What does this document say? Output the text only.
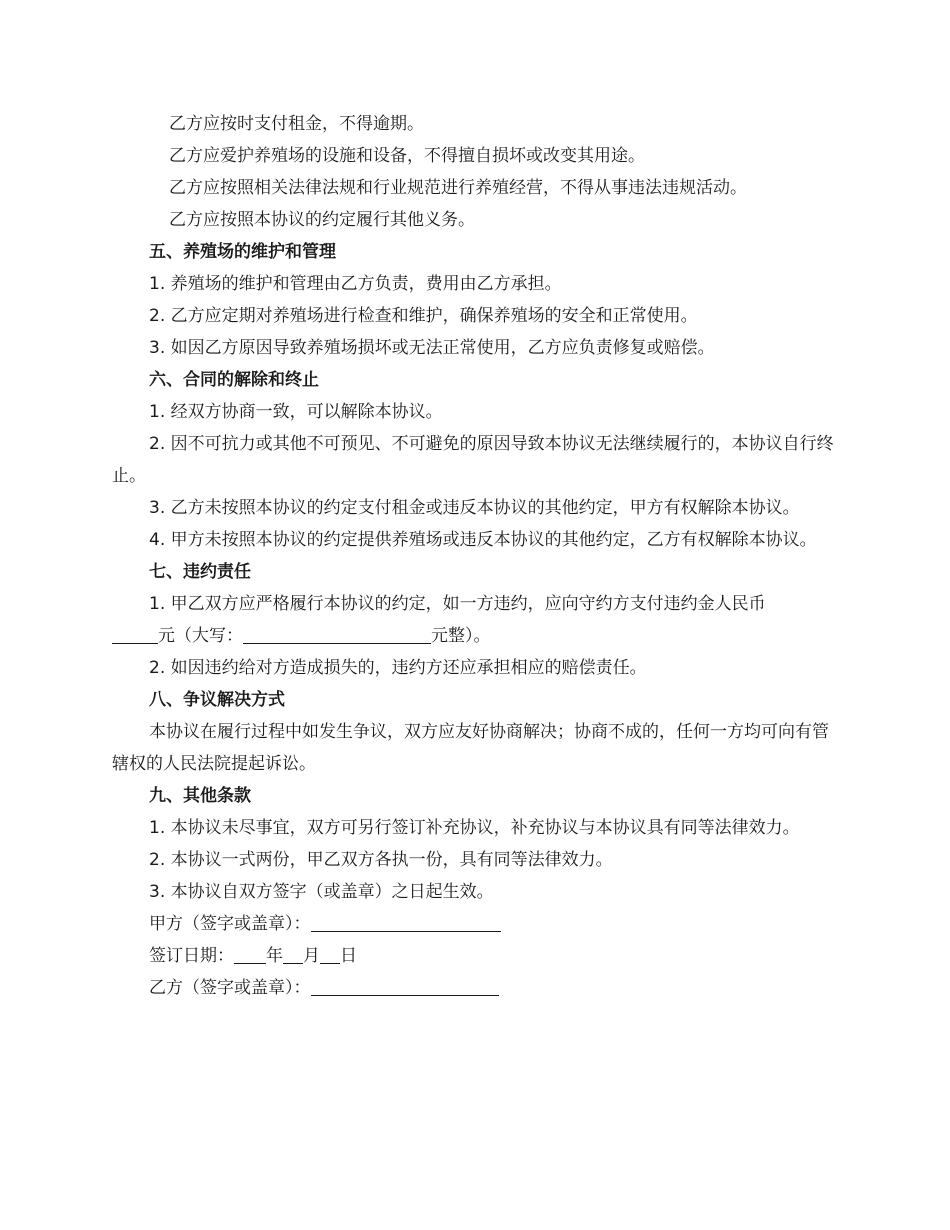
乙方应按时支付租金，不得逾期。

乙方应爱护养殖场的设施和设备，不得擅自损坏或改变其用途。

乙方应按照相关法律法规和行业规范进行养殖经营，不得从事违法违规活动。

乙方应按照本协议的约定履行其他义务。

五、养殖场的维护和管理

1. 养殖场的维护和管理由乙方负责，费用由乙方承担。

2. 乙方应定期对养殖场进行检查和维护，确保养殖场的安全和正常使用。

3. 如因乙方原因导致养殖场损坏或无法正常使用，乙方应负责修复或赔偿。

六、合同的解除和终止

1. 经双方协商一致，可以解除本协议。

2. 因不可抗力或其他不可预见、不可避免的原因导致本协议无法继续履行的，本协议自行终止。

3. 乙方未按照本协议的约定支付租金或违反本协议的其他约定，甲方有权解除本协议。

4. 甲方未按照本协议的约定提供养殖场或违反本协议的其他约定，乙方有权解除本协议。

七、违约责任

1. 甲乙双方应严格履行本协议的约定，如一方违约，应向守约方支付违约金人民币

元（大写：	元整）。

2. 如因违约给对方造成损失的，违约方还应承担相应的赔偿责任。

八、争议解决方式

本协议在履行过程中如发生争议，双方应友好协商解决；协商不成的，任何一方均可向有管辖权的人民法院提起诉讼。

九、其他条款

1. 本协议未尽事宜，双方可另行签订补充协议，补充协议与本协议具有同等法律效力。

2. 本协议一式两份，甲乙双方各执一份，具有同等法律效力。

3. 本协议自双方签字（或盖章）之日起生效。

甲方（签字或盖章）：

签订日期： 年 月 日

乙方（签字或盖章）：
